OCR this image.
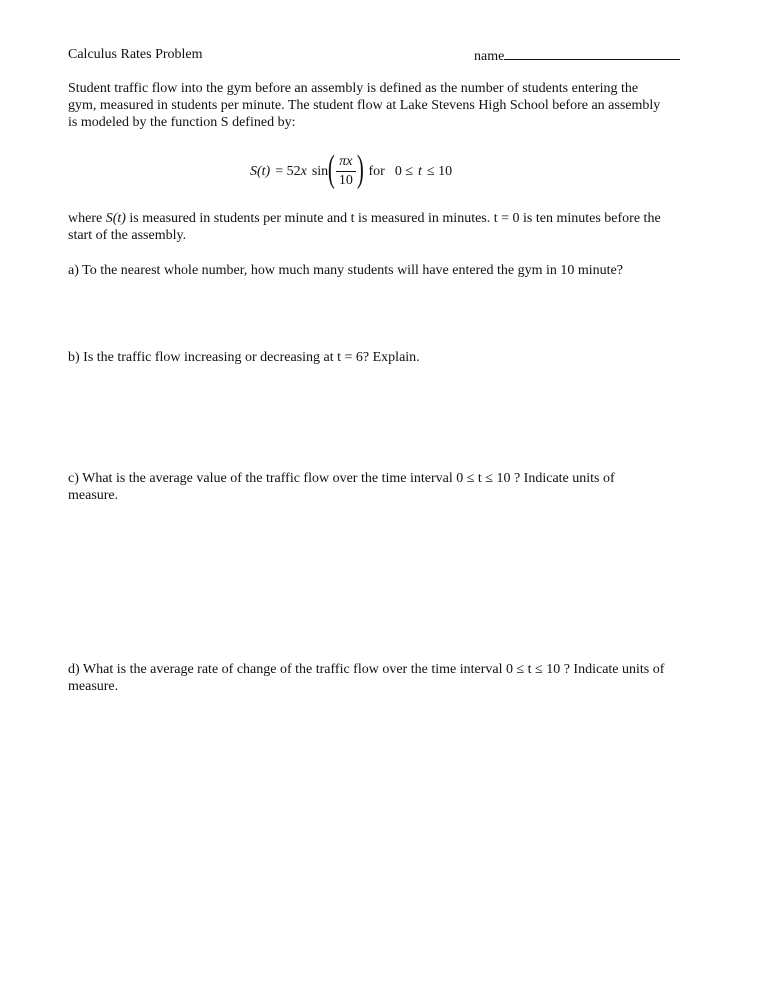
Calculus Rates Problem	name
Student traffic flow into the gym before an assembly is defined as the number of students entering the
gym, measured in students per minute. The student flow at Lake Stevens High School before an assembly
is modeled by the function S defined by:
S(t) = 52 x sin ( $\frac{\pi x}{10}$ ) for 0 ≤ t ≤ 10
where S(t) is measured in students per minute and t is measured in minutes. t = 0 is ten minutes before the
start of the assembly.
a) To the nearest whole number, how much many students will have entered the gym in 10 minute?
b) Is the traffic flow increasing or decreasing at t = 6? Explain.
c) What is the average value of the traffic flow over the time interval 0 ≤ t ≤ 10 ? Indicate units of
measure.
d) What is the average rate of change of the traffic flow over the time interval 0 ≤ t ≤ 10 ? Indicate units of
measure.
